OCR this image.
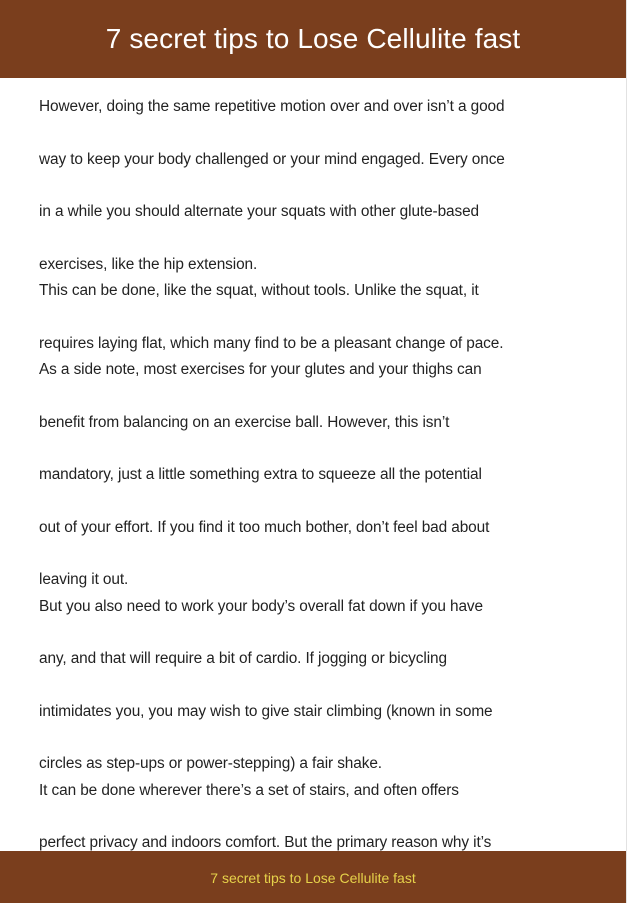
7 secret tips to Lose Cellulite fast
However, doing the same repetitive motion over and over isn’t a good
way to keep your body challenged or your mind engaged. Every once
in a while you should alternate your squats with other glute-based
exercises, like the hip extension.
This can be done, like the squat, without tools. Unlike the squat, it
requires laying flat, which many find to be a pleasant change of pace.
As a side note, most exercises for your glutes and your thighs can
benefit from balancing on an exercise ball. However, this isn’t
mandatory, just a little something extra to squeeze all the potential
out of your effort. If you find it too much bother, don’t feel bad about
leaving it out.
But you also need to work your body’s overall fat down if you have
any, and that will require a bit of cardio. If jogging or bicycling
intimidates you, you may wish to give stair climbing (known in some
circles as step-ups or power-stepping) a fair shake.
It can be done wherever there’s a set of stairs, and often offers
perfect privacy and indoors comfort. But the primary reason why it’s
7 secret tips to Lose Cellulite fast
